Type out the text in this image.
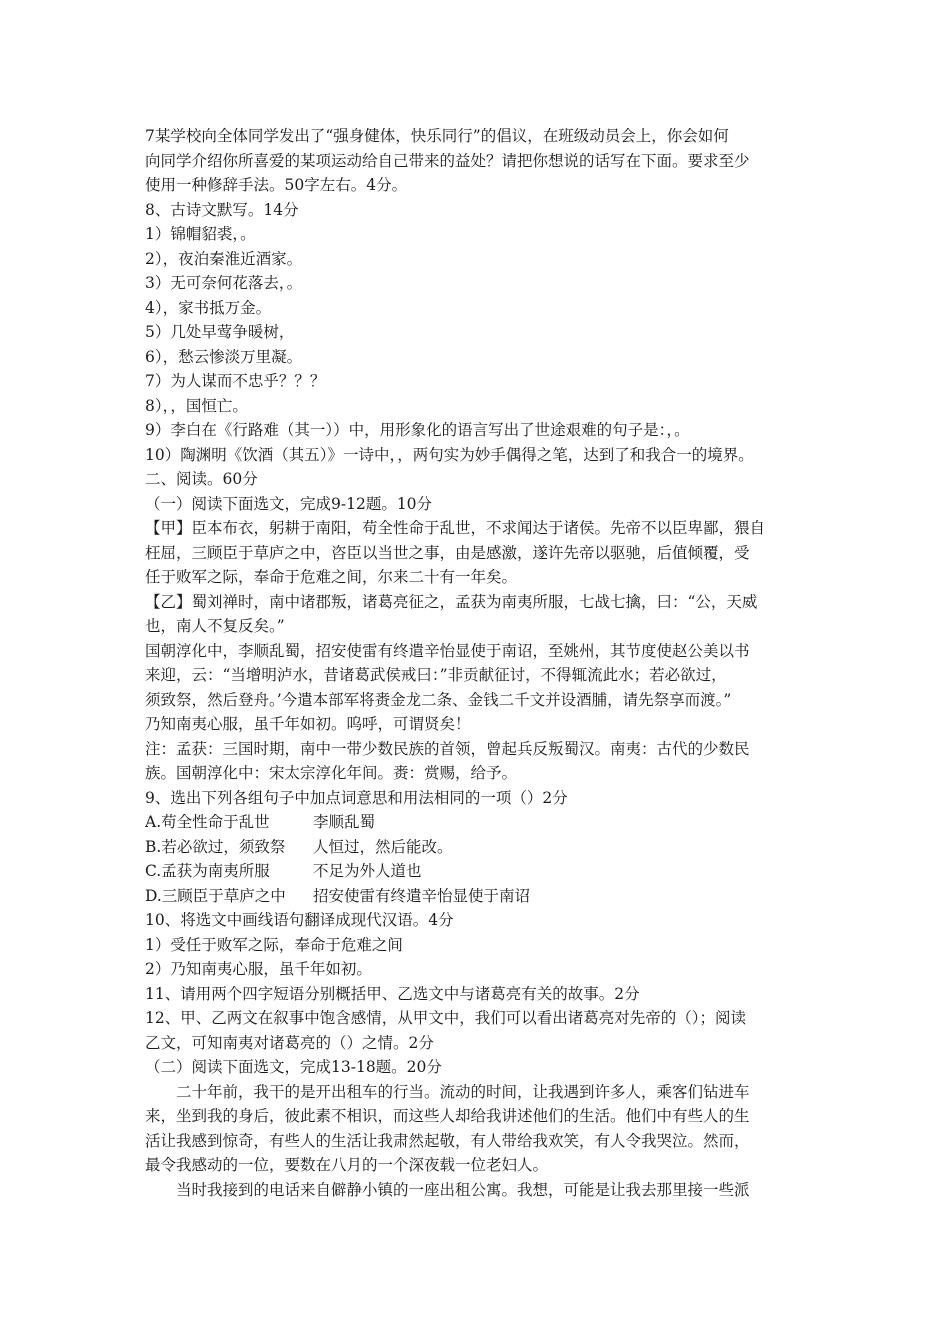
7某学校向全体同学发出了“强身健体，快乐同行”的倡议，在班级动员会上，你会如何
向同学介绍你所喜爱的某项运动给自己带来的益处？请把你想说的话写在下面。要求至少
使用一种修辞手法。50字左右。4分。
8、古诗文默写。14分
1）锦帽貂裘，。
2），夜泊秦淮近酒家。
3）无可奈何花落去，。
4），家书抵万金。
5）几处早莺争暖树，
6），愁云惨淡万里凝。
7）为人谋而不忠乎？？？
8），，国恒亡。
9）李白在《行路难（其一））中，用形象化的语言写出了世途艰难的句子是：，。
10）陶渊明《饮酒（其五）》一诗中，，两句实为妙手偶得之笔，达到了和我合一的境界。
二、阅读。60分
（一）阅读下面选文，完成9-12题。10分
【甲】臣本布衣，躬耕于南阳，苟全性命于乱世，不求闻达于诸侯。先帝不以臣卑鄙，猥自
枉屈，三顾臣于草庐之中，咨臣以当世之事，由是感激，遂许先帝以驱驰，后值倾覆，受
任于败军之际，奉命于危难之间，尔来二十有一年矣。
【乙】蜀刘禅时，南中诸郡叛，诸葛亮征之，孟获为南夷所服，七战七擒，曰：“公，天威
也，南人不复反矣。”
国朝淳化中，李顺乱蜀，招安使雷有终遣辛怡显使于南诏，至姚州，其节度使赵公美以书
来迎，云：“当增明泸水，昔诸葛武侯戒曰：”非贡献征讨，不得辄流此水；若必欲过，
须致祭，然后登舟。’今遣本部军将赉金龙二条、金钱二千文并设酒脯，请先祭享而渡。”
乃知南夷心服，虽千年如初。呜呼，可谓贤矣！
注：孟获：三国时期，南中一带少数民族的首领，曾起兵反叛蜀汉。南夷：古代的少数民
族。国朝淳化中：宋太宗淳化年间。赉：赏赐，给予。
9、选出下列各组句子中加点词意思和用法相同的一项（）2分
A.苟全性命于乱世	李顺乱蜀
B.若必欲过，须致祭 人恒过，然后能改。
C.孟获为南夷所服	不足为外人道也
D.三顾臣于草庐之中 招安使雷有终遣辛怡显使于南诏
10、将选文中画线语句翻译成现代汉语。4分
1）受任于败军之际，奉命于危难之间
2）乃知南夷心服，虽千年如初。
11、请用两个四字短语分别概括甲、乙选文中与诸葛亮有关的故事。2分
12、甲、乙两文在叙事中饱含感情，从甲文中，我们可以看出诸葛亮对先帝的（）；阅读
乙文，可知南夷对诸葛亮的（）之情。2分
（二）阅读下面选文，完成13-18题。20分
二十年前，我干的是开出租车的行当。流动的时间，让我遇到许多人，乘客们钻进车
来，坐到我的身后，彼此素不相识，而这些人却给我讲述他们的生活。他们中有些人的生
活让我感到惊奇，有些人的生活让我肃然起敬，有人带给我欢笑，有人令我哭泣。然而，
最令我感动的一位，要数在八月的一个深夜载一位老妇人。
当时我接到的电话来自僻静小镇的一座出租公寓。我想，可能是让我去那里接一些派
